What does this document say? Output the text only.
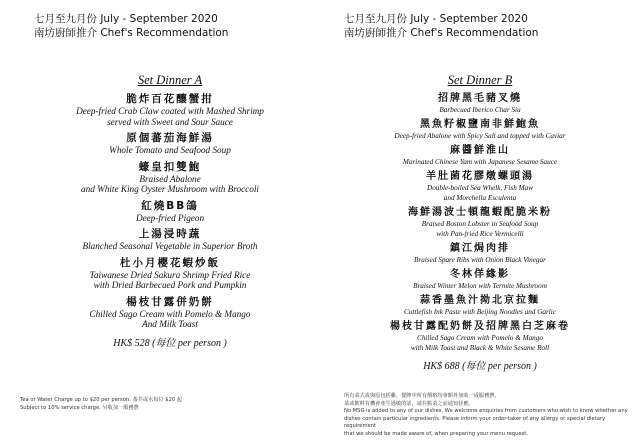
七月至九月份 July - September 2020
南坊廚師推介 Chef's Recommendation
Set Dinner A
脆炸百花釀蟹拑
Deep-fried Crab Claw coated with Mashed Shrimp
served with Sweet and Sour Sauce
原個蕃茄海鮮湯
Whole Tomato and Seafood Soup
蠔皇扣雙鮑
Braised Abalone
and White King Oyster Mushroom with Broccoli
紅燒BB鴿
Deep-fried Pigeon
上湯浸時蔬
Blanched Seasonal Vegetable in Superior Broth
杜小月櫻花蝦炒飯
Taiwanese Dried Sakura Shrimp Fried Rice
with Dried Barbecued Pork and Pumpkin
楊枝甘露併奶餅
Chilled Sago Cream with Pomelo & Mango
And Milk Toast
HK$ 528 (每位 per person )
Tea or Water Charge up to $20 per person. 茶芥或水每位 $20 起
Subject to 10% service charge. 另收加一服務費
七月至九月份 July - September 2020
南坊廚師推介 Chef's Recommendation
Set Dinner B
招牌黑毛豬叉燒
Barbecued Iberico Char Siu
黑魚籽椒鹽南非鮮鮑魚
Deep-fried Abalone with Spicy Salt and topped with Caviar
麻醬鮮淮山
Marinated Chinese Yam with Japanese Sesame Sauce
羊肚菌花膠燉螺頭湯
Double-boiled Sea Whelk, Fish Maw
and Morchella Esculenta
海鮮湯波士頓龍蝦配脆米粉
Braised Boston Lobster in Seafood Soup
with Pan-fried Rice Vermicelli
鎮江焗肉排
Braised Spare Ribs with Onion Black Vinegar
冬林佯緣影
Braised Winter Melon with Termite Mushroom
蒜香墨魚汁拗北京拉麵
Cuttlefish Ink Paste with Beijing Noodles and Garlic
楊枝甘露配奶餅及招牌黑白芝麻卷
Chilled Sago Cream with Pomelo & Mango
with Milk Toast and Black & White Sesame Roll
HK$ 688 (每位 per person )
所有菜式或與原包括雞，餐牌中所有價格均會額外加收一成服務費。
菜或飲料有機會產生過敏的話，請在點菜之前通知侍應。
No MSG is added to any of our dishes. We welcome enquiries from customers who wish to know whether any
dishes contain particular ingredients. Please inform your order-taker of any allergy or special dietary requirement
that we should be made aware of, when preparing your menu request.
